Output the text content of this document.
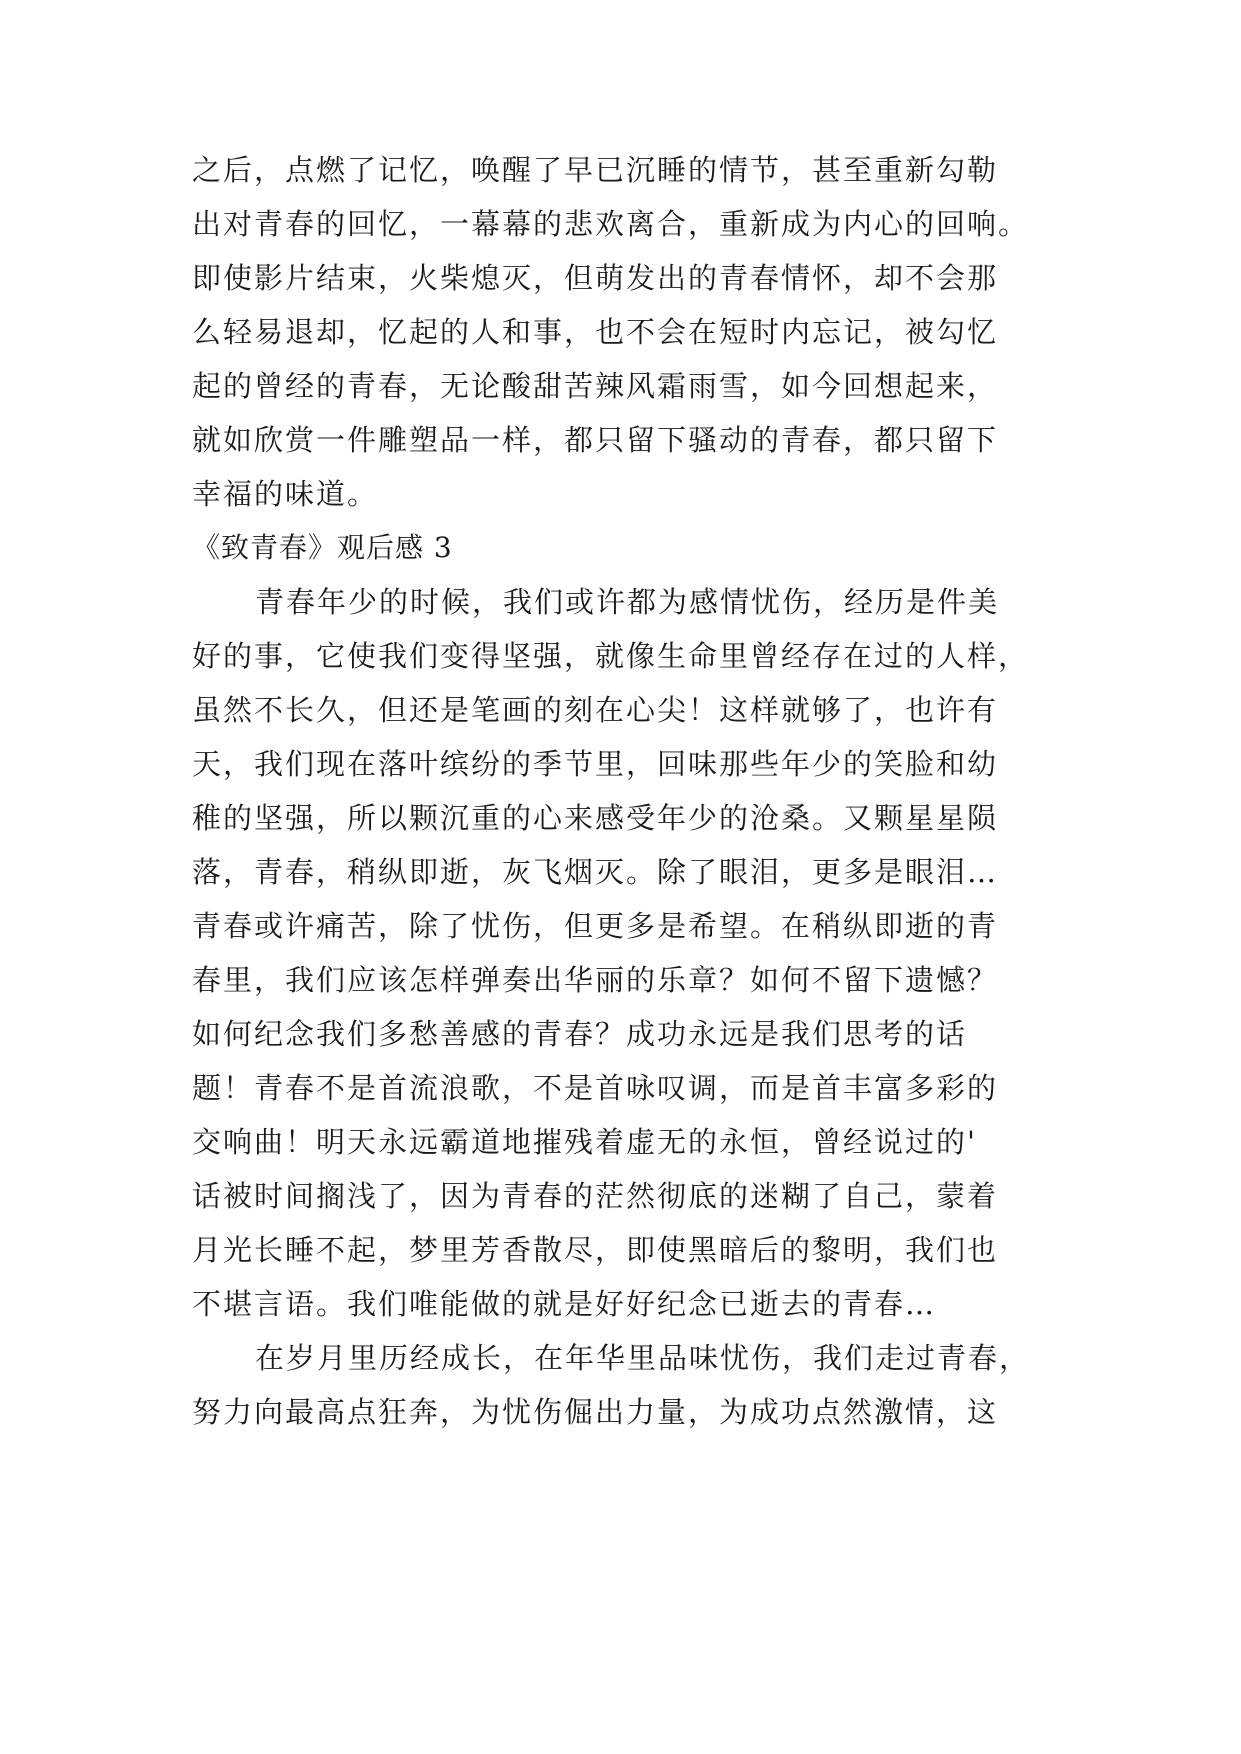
之后，点燃了记忆，唤醒了早已沉睡的情节，甚至重新勾勒
出对青春的回忆，一幕幕的悲欢离合，重新成为内心的回响。
即使影片结束，火柴熄灭，但萌发出的青春情怀，却不会那
么轻易退却，忆起的人和事，也不会在短时内忘记，被勾忆
起的曾经的青春，无论酸甜苦辣风霜雨雪，如今回想起来，
就如欣赏一件雕塑品一样，都只留下骚动的青春，都只留下
幸福的味道。
《致青春》观后感 3
青春年少的时候，我们或许都为感情忧伤，经历是件美
好的事，它使我们变得坚强，就像生命里曾经存在过的人样，
虽然不长久，但还是笔画的刻在心尖！这样就够了，也许有
天，我们现在落叶缤纷的季节里，回味那些年少的笑脸和幼
稚的坚强，所以颗沉重的心来感受年少的沧桑。又颗星星陨
落，青春，稍纵即逝，灰飞烟灭。除了眼泪，更多是眼泪…
青春或许痛苦，除了忧伤，但更多是希望。在稍纵即逝的青
春里，我们应该怎样弹奏出华丽的乐章？如何不留下遗憾？
如何纪念我们多愁善感的青春？成功永远是我们思考的话
题！青春不是首流浪歌，不是首咏叹调，而是首丰富多彩的
交响曲！明天永远霸道地摧残着虚无的永恒，曾经说过的'
话被时间搁浅了，因为青春的茫然彻底的迷糊了自己，蒙着
月光长睡不起，梦里芳香散尽，即使黑暗后的黎明，我们也
不堪言语。我们唯能做的就是好好纪念已逝去的青春…
在岁月里历经成长，在年华里品味忧伤，我们走过青春，
努力向最高点狂奔，为忧伤倔出力量，为成功点然激情，这
